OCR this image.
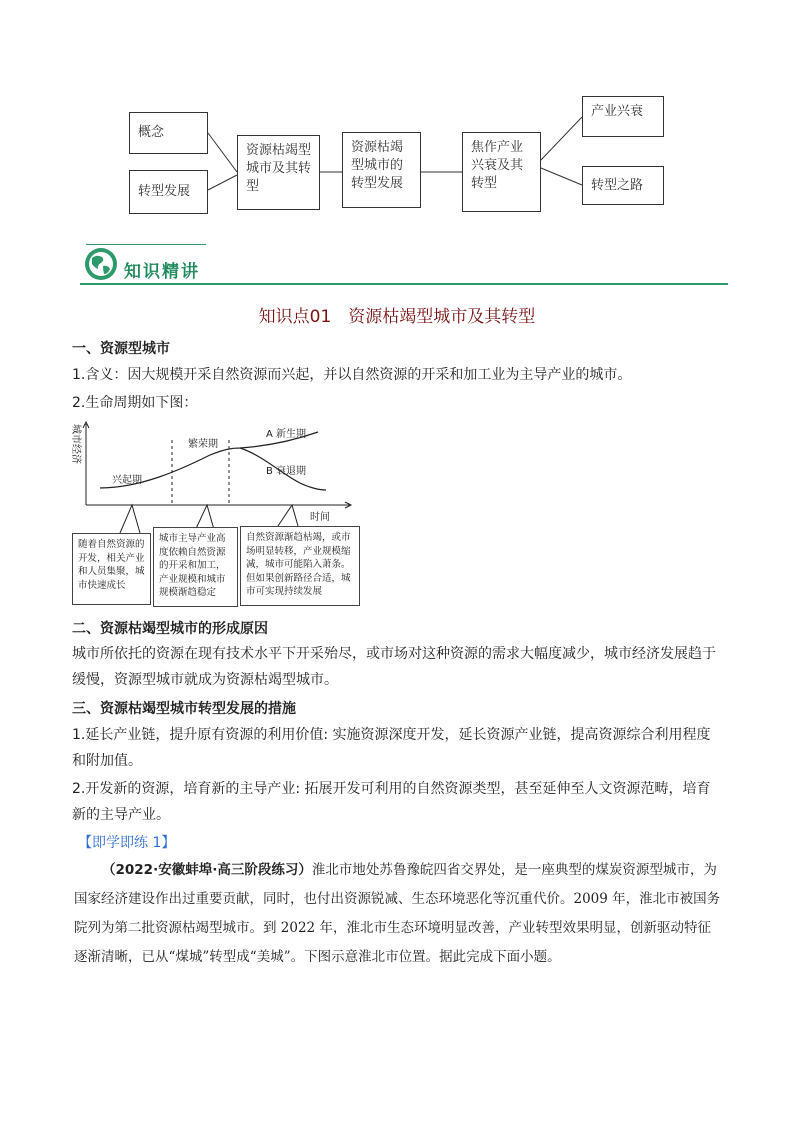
概念
转型发展
资源枯竭型城市及其转型
资源枯竭型城市的转型发展
焦作产业兴衰及其转型
产业兴衰
转型之路
知识精讲
知识点01　资源枯竭型城市及其转型
一、资源型城市
1.含义：因大规模开采自然资源而兴起，并以自然资源的开采和加工业为主导产业的城市。
2.生命周期如下图：
城市经济
时间
兴起期
繁荣期
A 新生期
B 衰退期
随着自然资源的开发，相关产业和人员集聚，城市快速成长
城市主导产业高度依赖自然资源的开采和加工，产业规模和城市规模渐趋稳定
自然资源渐趋枯竭，或市场明显转移，产业规模缩减，城市可能陷入萧条。但如果创新路径合适，城市可实现持续发展
二、资源枯竭型城市的形成原因
城市所依托的资源在现有技术水平下开采殆尽，或市场对这种资源的需求大幅度减少，城市经济发展趋于缓慢，资源型城市就成为资源枯竭型城市。
三、资源枯竭型城市转型发展的措施
1.延长产业链，提升原有资源的利用价值: 实施资源深度开发，延长资源产业链，提高资源综合利用程度和附加值。
2.开发新的资源，培育新的主导产业: 拓展开发可利用的自然资源类型，甚至延伸至人文资源范畴，培育新的主导产业。
【即学即练 1】
（2022·安徽蚌埠·高三阶段练习）淮北市地处苏鲁豫皖四省交界处，是一座典型的煤炭资源型城市，为国家经济建设作出过重要贡献，同时，也付出资源锐减、生态环境恶化等沉重代价。2009 年，淮北市被国务院列为第二批资源枯竭型城市。到 2022 年，淮北市生态环境明显改善，产业转型效果明显，创新驱动特征逐渐清晰，已从“煤城”转型成“美城”。下图示意淮北市位置。据此完成下面小题。
